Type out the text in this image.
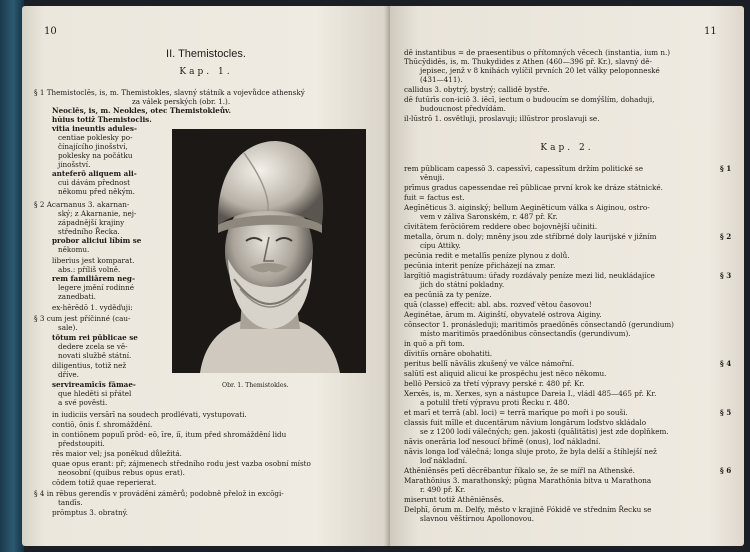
10
II. Themistocles.
Kap. 1.
§ 1 Themistoclēs, is, m. Themistokles, slavný státník a vojevůdce athenský
za válek perských (obr. 1.).
Neoclēs, is, m. Neokles, otec Themistokleův.
hŭius totiž Themistoclis.
vitia ineuntis adules-
centiae poklesky po-
čínajícího jinošství,
poklesky na počátku
jinošství.
anteferō aliquem ali-
cui dávám přednost
někomu před někým.
§ 2 Acarnanus 3. akarnan-
ský; z Akarnanie, nej-
západnější krajiny
středního Řecka.
probor aliciui líbím se
někomu.
liberius jest komparat.
abs.: příliš volně.
rem familiārem neg-
legere jmění rodinné
zanedbati.
ex-hērēdō 1. vyděďuji:
§ 3 cum jest příčinné (cau-
sale).
tōtum rei pūblicae se
dedere zcela se vě-
novati službě státní.
diligentius, totiž než
dříve.
servireamīcīs fāmae-
que hleděti si přátel
a své pověsti.
in iudiciis versārī na soudech prodlévati, vystupovati.
contiō, ōnis f. shromáždění.
in contiōnem populī prōd- eō, īre, iī, itum před shromáždění lidu
předstoupiti.
rēs maior vel; jsa poněkud důležitá.
quae opus erant: př; zájmenech středního rodu jest vazba osobní místo
neosobní (quibus rebus opus erat).
cōdem totiž quaе reperierat.
§ 4 in rēbus gerendīs v prováděni záměrů; podobně přelož in excōgi-
tandīs.
prōmptus 3. obratný.
Obr. 1. Themistokles.
11
dē instantibus = de praesentibus o přítomných věcech (instantia, ium n.)
Thūcȳdidēs, is, m. Thukydides z Athen (460—396 př. Kr.), slavný dě-
jepisec, jenž v 8 knihách vylíčil prvních 20 let války peloponneské
(431—411).
callidus 3. obytrý, bystrý; callidě bystře.
dē futūrīs con-iciō 3. iēcī, iectum o budoucím se domýšlím, dohaduji,
budoucnost předvídám.
il-lūstrō 1. osvětluji, proslavuji; illūstror proslavuji se.
Kap. 2.
rem pūblicam capessō 3. capessīvī, capessītum držím politické se
věnuji.
prīmus gradus capessendae reī pūblicae první krok ke dráze státnické.
fuit = factus est.
Aegīnēticus 3. aiginský; bellum Aeginēticum válka s Aiginou, ostro-
vem v záliva Saronském, r. 487 př. Kr.
cīvitātem ferōciōrem reddere obec bojovnější učiniti.
metalla, ōrum n. doly; mněny jsou zde stříbrné doly laurijské v jižním
cípu Attiky.
pecūnia redit e metallīs peníze plynou z dolů.
pecūnia interit peníze přicházejí na zmar.
largītiō magistrātuum: úřady rozdávaly peníze mezi lid, neukládajíce
jich do státní pokladny.
ea pecūniā za ty peníze.
quā (classe) effecit: abl. abs. rozveď větou časovou!
Aeginētae, ārum m. Aiginští, obyvatelé ostrova Aiginy.
cōnsector 1. pronásleduji; maritimōs praedōnēs cōnsectandō (gerundium)
místo maritimōs praedōnibus cōnsectandīs (gerundivum).
in quō a při tom.
dīvitiīs ornāre obohatiti.
peritus bellī nāvālis zkušený ve válce námořní.
salūtī est aliquid alicui ke prospěchu jest něco někomu.
bellō Persicō za třetí výpravy perské r. 480 př. Kr.
Xerxēs, is, m. Xerxes, syn a nástupce Dareia I., vládl 485—465 př. Kr.
a potulil třetí výpravu proti Řecku r. 480.
et marī et terrā (abl. loci) = terrā marīque po moři i po souši.
classis fuit mīlle et ducentārum nāvium longārum loďstvo skládalo
se z 1200 lodí válečných; gen. jakosti (quālitātis) jest zde doplňkem.
nāvis onerāria loď nesoucí břímě (onus), loď nákladní.
nāvis longa loď válečná; longa sluje proto, že byla delší a štíhlejší než
loď nákladní.
Athēniēnsēs petī dēcrēbantur říkalo se, že se mířl na Athenské.
Marathōnius 3. marathonský; pūgna Marathōnia bitva u Marathona
r. 490 př. Kr.
miserunt totiž Athēniēnsēs.
Delphī, ōrum m. Delfy, město v krajině Fókidě ve středním Řecku se
slavnou věštírnou Apollonovou.
§ 1
§ 2
§ 3
§ 4
§ 5
§ 6
